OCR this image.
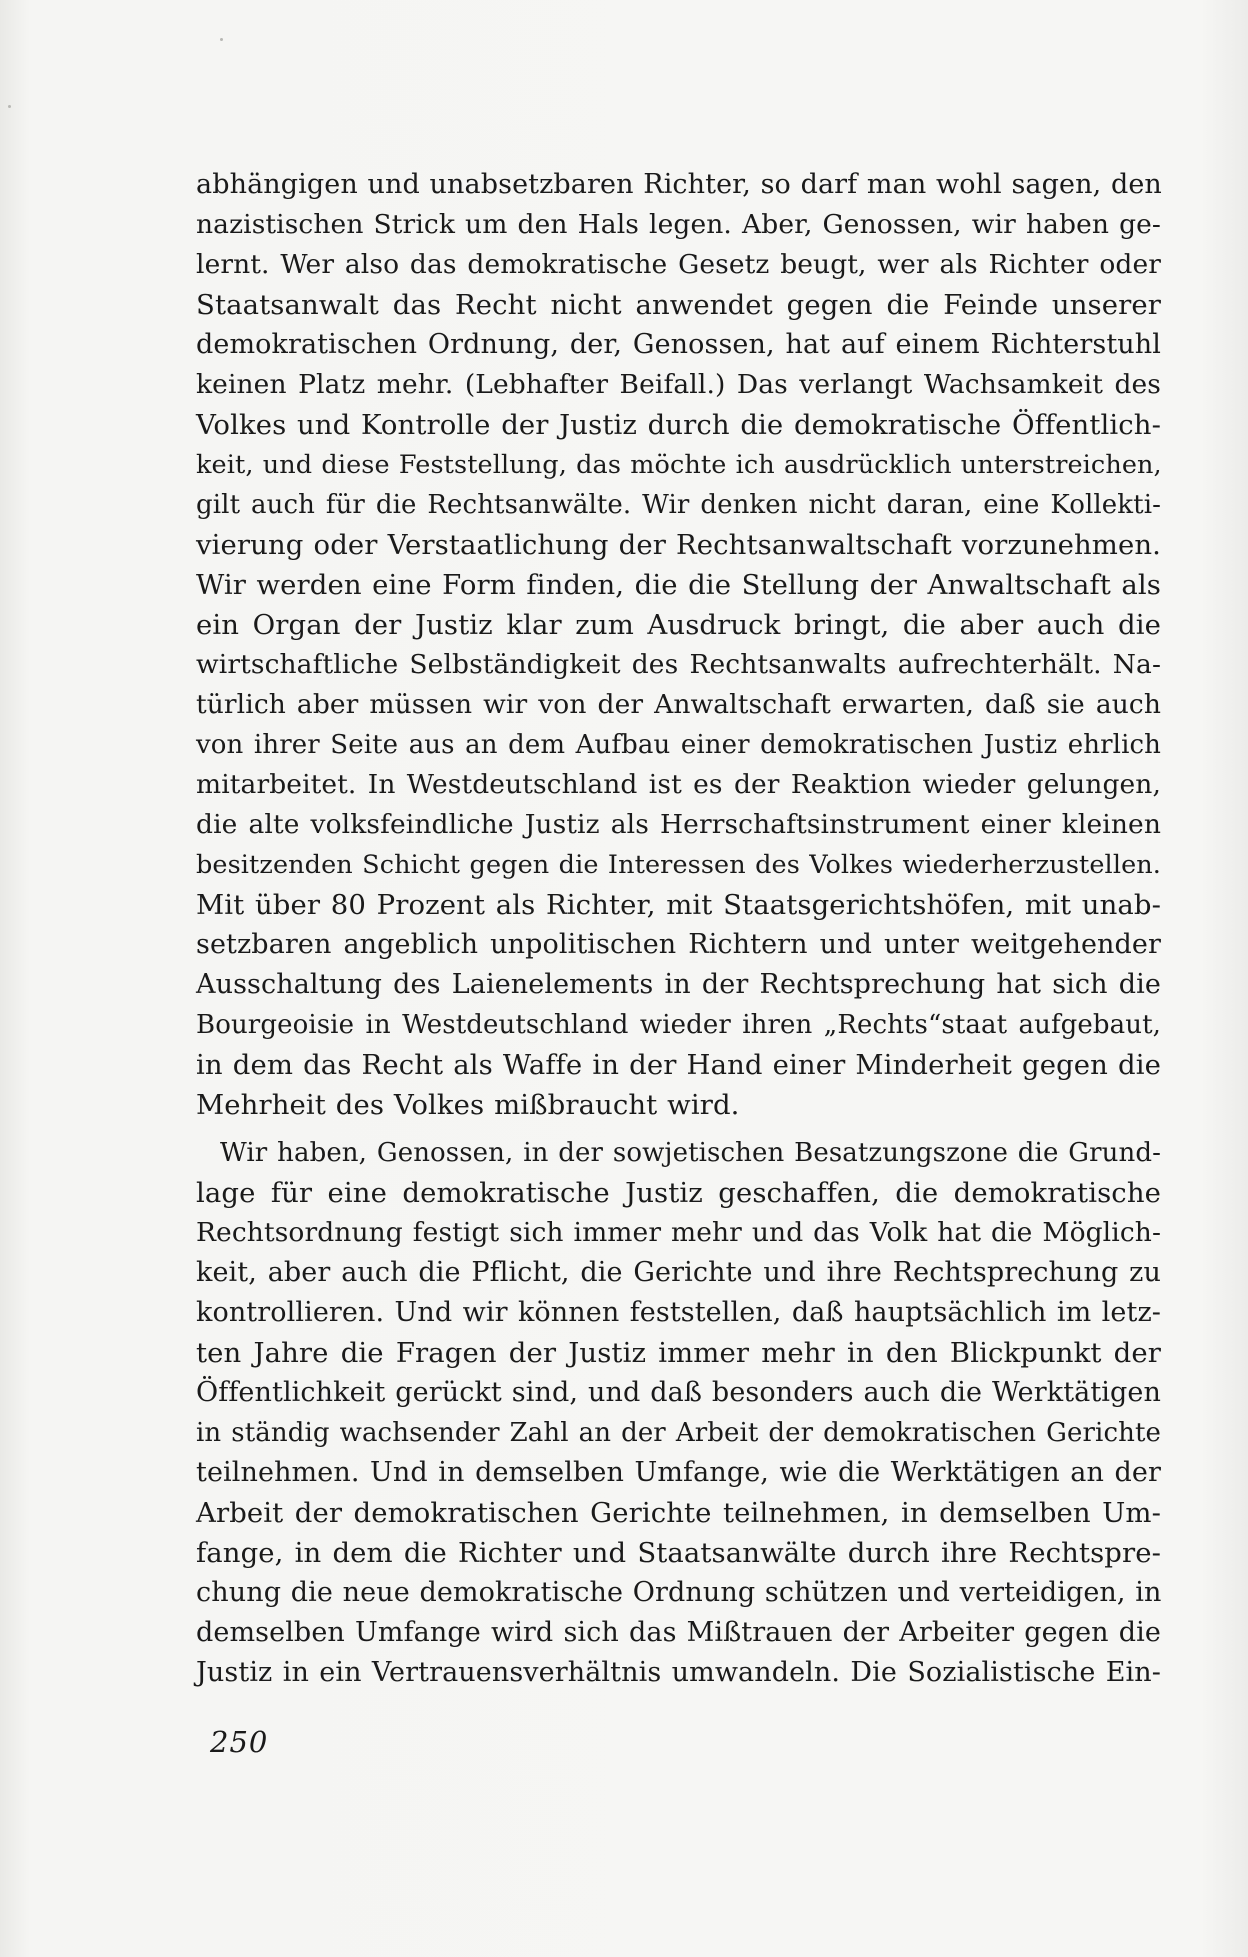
abhängigen und unabsetzbaren Richter, so darf man wohl sagen, den
nazistischen Strick um den Hals legen. Aber, Genossen, wir haben ge-
lernt. Wer also das demokratische Gesetz beugt, wer als Richter oder
Staatsanwalt das Recht nicht anwendet gegen die Feinde unserer
demokratischen Ordnung, der, Genossen, hat auf einem Richterstuhl
keinen Platz mehr. (Lebhafter Beifall.) Das verlangt Wachsamkeit des
Volkes und Kontrolle der Justiz durch die demokratische Öffentlich-
keit, und diese Feststellung, das möchte ich ausdrücklich unterstreichen,
gilt auch für die Rechtsanwälte. Wir denken nicht daran, eine Kollekti-
vierung oder Verstaatlichung der Rechtsanwaltschaft vorzunehmen.
Wir werden eine Form finden, die die Stellung der Anwaltschaft als
ein Organ der Justiz klar zum Ausdruck bringt, die aber auch die
wirtschaftliche Selbständigkeit des Rechtsanwalts aufrechterhält. Na-
türlich aber müssen wir von der Anwaltschaft erwarten, daß sie auch
von ihrer Seite aus an dem Aufbau einer demokratischen Justiz ehrlich
mitarbeitet. In Westdeutschland ist es der Reaktion wieder gelungen,
die alte volksfeindliche Justiz als Herrschaftsinstrument einer kleinen
besitzenden Schicht gegen die Interessen des Volkes wiederherzustellen.
Mit über 80 Prozent als Richter, mit Staatsgerichtshöfen, mit unab-
setzbaren angeblich unpolitischen Richtern und unter weitgehender
Ausschaltung des Laienelements in der Rechtsprechung hat sich die
Bourgeoisie in Westdeutschland wieder ihren „Rechts“staat aufgebaut,
in dem das Recht als Waffe in der Hand einer Minderheit gegen die
Mehrheit des Volkes mißbraucht wird.
Wir haben, Genossen, in der sowjetischen Besatzungszone die Grund-
lage für eine demokratische Justiz geschaffen, die demokratische
Rechtsordnung festigt sich immer mehr und das Volk hat die Möglich-
keit, aber auch die Pflicht, die Gerichte und ihre Rechtsprechung zu
kontrollieren. Und wir können feststellen, daß hauptsächlich im letz-
ten Jahre die Fragen der Justiz immer mehr in den Blickpunkt der
Öffentlichkeit gerückt sind, und daß besonders auch die Werktätigen
in ständig wachsender Zahl an der Arbeit der demokratischen Gerichte
teilnehmen. Und in demselben Umfange, wie die Werktätigen an der
Arbeit der demokratischen Gerichte teilnehmen, in demselben Um-
fange, in dem die Richter und Staatsanwälte durch ihre Rechtspre-
chung die neue demokratische Ordnung schützen und verteidigen, in
demselben Umfange wird sich das Mißtrauen der Arbeiter gegen die
Justiz in ein Vertrauensverhältnis umwandeln. Die Sozialistische Ein-
250
